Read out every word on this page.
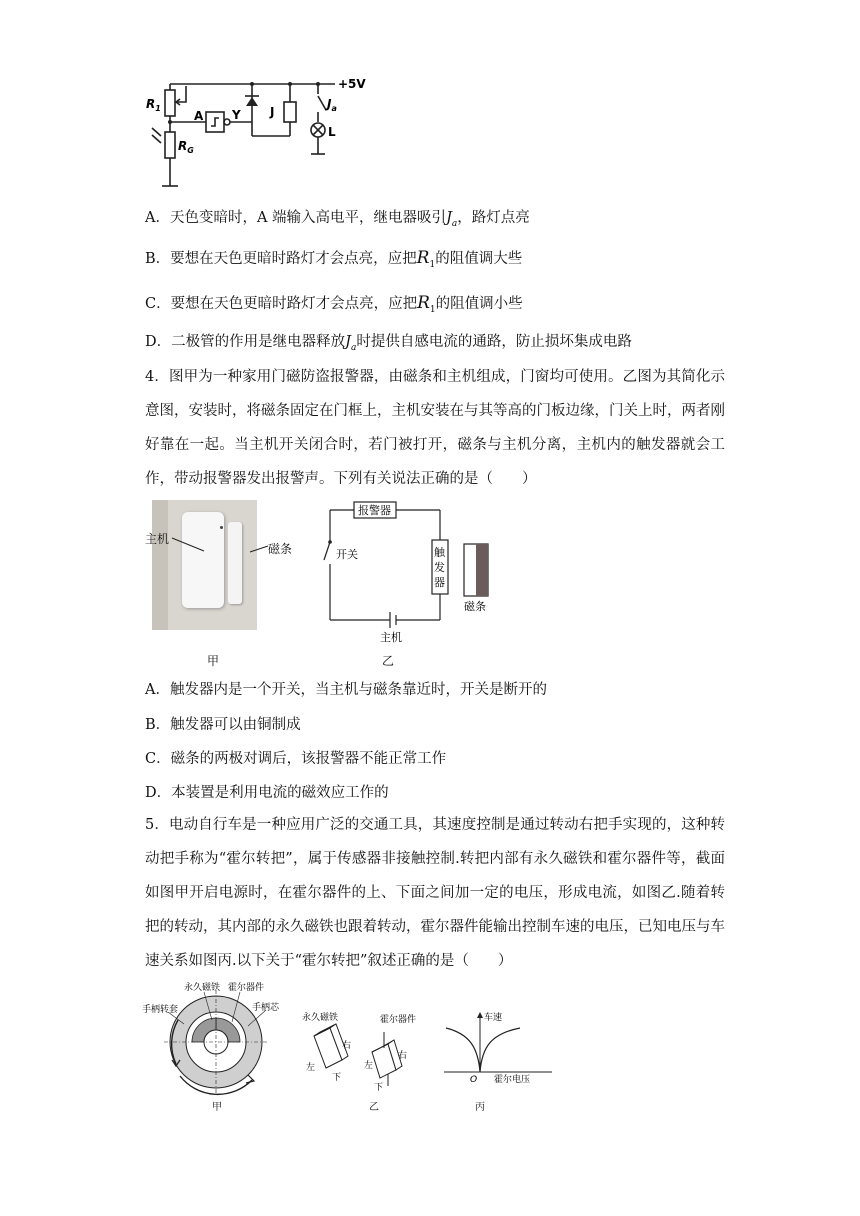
$R_1$
$R_G$
A Y J
$J_a$
L
+5V
A．天色变暗时，A 端输入高电平，继电器吸引$J_a$，路灯点亮
B．要想在天色更暗时路灯才会点亮，应把$R_1$的阻值调大些
C．要想在天色更暗时路灯才会点亮，应把$R_1$的阻值调小些
D．二极管的作用是继电器释放$J_a$时提供自感电流的通路，防止损坏集成电路
4．图甲为一种家用门磁防盗报警器，由磁条和主机组成，门窗均可使用。乙图为其简化示意图，安装时，将磁条固定在门框上，主机安装在与其等高的门板边缘，门关上时，两者刚好靠在一起。当主机开关闭合时，若门被打开，磁条与主机分离，主机内的触发器就会工作，带动报警器发出报警声。下列有关说法正确的是（　　）
主机
磁条
甲
报警器
开关	触
发
器
磁条
主机
乙
A．触发器内是一个开关，当主机与磁条靠近时，开关是断开的
B．触发器可以由铜制成
C．磁条的两极对调后，该报警器不能正常工作
D．本装置是利用电流的磁效应工作的
5．电动自行车是一种应用广泛的交通工具，其速度控制是通过转动右把手实现的，这种转动把手称为“霍尔转把”，属于传感器非接触控制.转把内部有永久磁铁和霍尔器件等，截面如图甲开启电源时，在霍尔器件的上、下面之间加一定的电压，形成电流，如图乙.随着转把的转动，其内部的永久磁铁也跟着转动，霍尔器件能输出控制车速的电压，已知电压与车速关系如图丙.以下关于“霍尔转把”叙述正确的是（　　）
永久磁铁 霍尔器件
手柄转套	手柄芯
甲
永久磁铁	霍尔器件
左
右
下
左
右
下
乙
车速
O 霍尔电压
丙
